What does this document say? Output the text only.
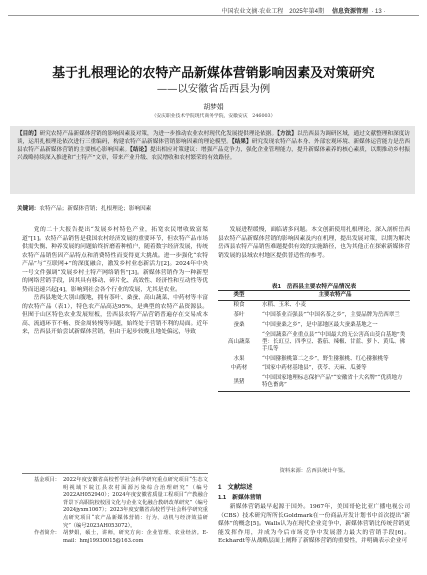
中国农业文摘·农业工程　2025年第4期 信息资源管理 · 13 ·
基于扎根理论的农特产品新媒体营销影响因素及对策研究
——以安徽省岳西县为例
胡梦娟
（安庆职业技术学院现代商务学院，安徽安庆　246003）
【目的】研究农特产品新媒体营销的影响因素及对策，为进一步推动农业农村现代化发展提供理论依据。【方法】以岳西县为调研区域，通过文献整理和深度访谈，运用扎根理论依次进行三重编码，构建农特产品新媒体营销影响因素的理论模型。【结果】研究发现农特产品本身、外部宏观环境、新媒体运营能力是岳西县农特产品新媒体营销的主要核心影响因素。【结论】提出相应对策建议：增强产品竞争力，强化企业管理能力，提升新媒体素养的核心素质，以期推动乡村振兴战略持续深入推进和“土特产”文章，带来产业升级、农民增收和农村繁荣的有效路径。
关键词：农特产品；新媒体营销；扎根理论；影响因素

党的二十大报告提出“发展乡村特色产业，拓宽农民增收致富渠道”[1]。农特产品销售是我国农村经济发展的重要环节，但农特产品市场供需失衡、种养发展的问题始终折磨着种植户，随着数字经济发展，传统农特产品销售因产品特点和消费特性而变得更大挑战。进一步强化“农特产品”与“互联网+”的深度融合，激发乡村业态新活力[2]。2024年中央一号文件强调“发展乡村土特产网络销售”[3]。新媒体营销作为一种新型的网络营销手段，因其具有移动、碎片化、高效性、经济性和互动性等优势而迅速兴起[4]，影响到社会各个行业的发展，尤其是农业。

岳西县地处大别山腹地，拥有茶叶、桑蚕、高山蔬菜、中药材等丰富的农特产品（表1），特色农产品高达95%，是典型的农特产品资源县。但囿于山区特色农业发展短板，岳西县农特产品营销普遍存在交易成本高、流通环节不畅、资金周转慢等问题，始终处于营销不利的局面。近年来，岳西县开始尝试新媒体营销，但由于起步较晚且地处偏远，导致

基金项目： 2022年度安徽省高校哲学社会科学研究重点研究项目“生态文明视域下皖江县农村面源污染综合治理研究”（编号2022AH052940）；2024年度安徽省质量工程项目“产教融合背景下高职院校校园文化与企业文化融合教研改革研究”（编号2024jyxm1067）；2023年度安徽省高校哲学社会科学研究重点研究项目“农产品新媒体营销：行为、动机与经济效益研究”（编号2023AH053072）。
作者简介： 胡梦娟，硕士，讲师，研究方向：企业管理、农业经济。E-mail：hmj19930015@163.com

发展进程缓慢，面临诸多问题。本文创新使用扎根理论，深入剖析岳西县农特产品新媒体营销的影响因素及内在机理，提出发展对策，以期为解决岳西县农特产品销售难题提供有效的实施路径，也为其他正在探索新媒体营销发展的县域农村地区提供普适性的参考。

表1　岳西县主要农特产品情况表
类型	主要农特产品
粮食	水稻、玉米、小麦
茶叶	“中国茶业百强县”“中国名茶之乡”，主要品牌为岳西翠兰
蚕桑	“中国蚕桑之乡”，是中部地区最大蚕桑基地之一
高山蔬菜	“全国蔬菜产业重点县”“中国最大的无公害高山茭白基地”类型：长豇豆、四季豆、番茄、辣椒、甘蓝、萝卜、黄瓜、佛手瓜等
水果	“中国猕猴桃第二之乡”，野生猕猴桃、红心猕猴桃等
中药材	“国家中药材基地县”，茯苓、天麻、瓜蒌等
黑猪	“中国国家地理标志保护产品”“安徽省十大名牌”“优质地方特色畜禽”
资料来源：岳西县统计年鉴。
1　文献综述
1.1　新媒体营销

新媒体营销最早起源于国外。1967年，美国哥伦比亚广播电视公司（CBS）技术研究所所长Goldmark在一份商品开发计划书中首次提出“新媒体”的概念[5]。Walls认为在现代企业竞争中，新媒体营销比传统营销更能发挥作用，并成为今后市场竞争中发展潜力最大的营销手段[6]。Eckhardt等从战略层面上阐释了新媒体营销的重要性，并明确表示企业可
